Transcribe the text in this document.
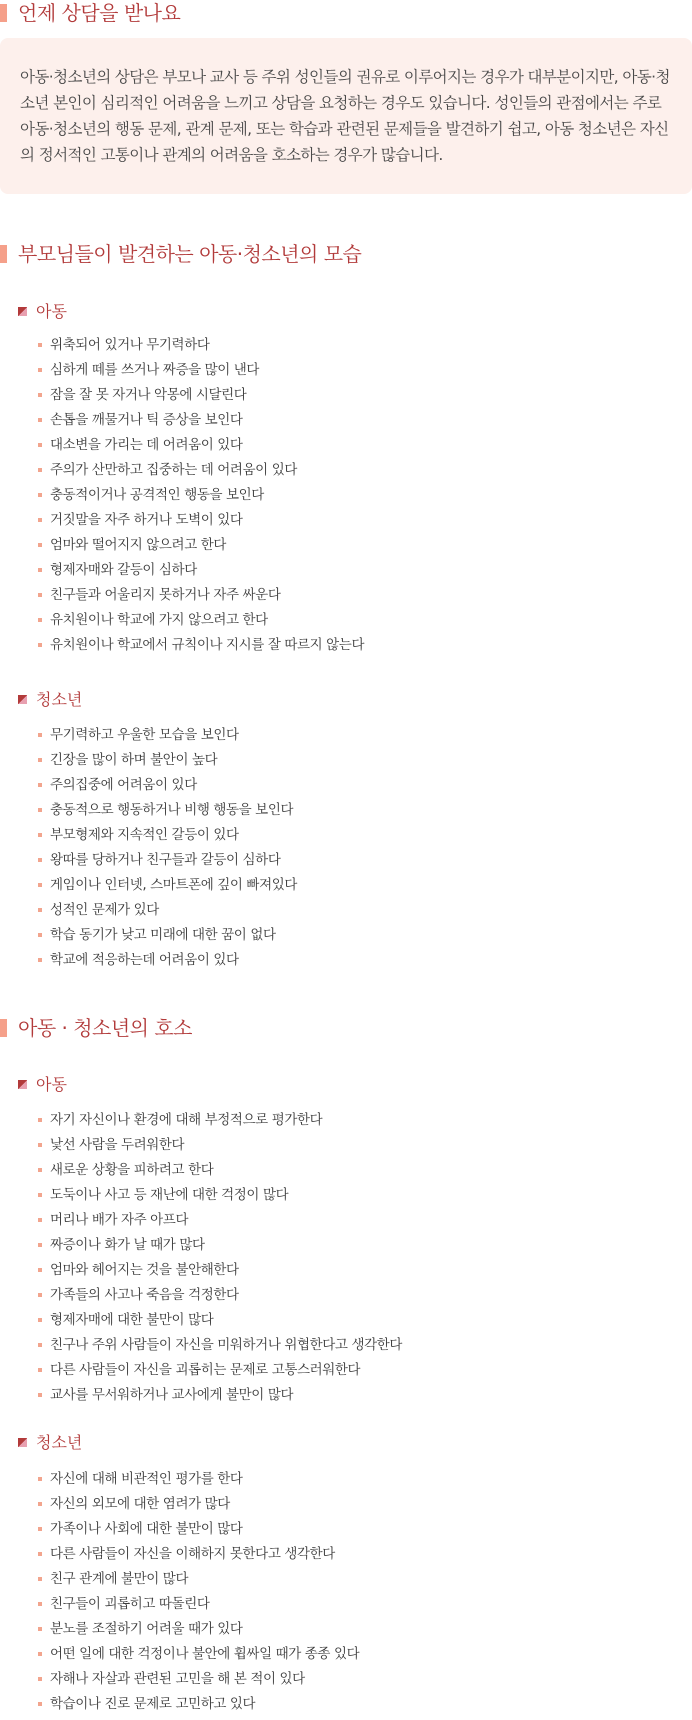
언제 상담을 받나요

아동·청소년의 상담은 부모나 교사 등 주위 성인들의 권유로 이루어지는 경우가 대부분이지만, 아동·청소년 본인이 심리적인 어려움을 느끼고 상담을 요청하는 경우도 있습니다. 성인들의 관점에서는 주로 아동·청소년의 행동 문제, 관계 문제, 또는 학습과 관련된 문제들을 발견하기 쉽고, 아동 청소년은 자신의 정서적인 고통이나 관계의 어려움을 호소하는 경우가 많습니다.

부모님들이 발견하는 아동·청소년의 모습
아동
위축되어 있거나 무기력하다
심하게 떼를 쓰거나 짜증을 많이 낸다
잠을 잘 못 자거나 악몽에 시달린다
손톱을 깨물거나 틱 증상을 보인다
대소변을 가리는 데 어려움이 있다
주의가 산만하고 집중하는 데 어려움이 있다
충동적이거나 공격적인 행동을 보인다
거짓말을 자주 하거나 도벽이 있다
엄마와 떨어지지 않으려고 한다
형제자매와 갈등이 심하다
친구들과 어울리지 못하거나 자주 싸운다
유치원이나 학교에 가지 않으려고 한다
유치원이나 학교에서 규칙이나 지시를 잘 따르지 않는다
청소년
무기력하고 우울한 모습을 보인다
긴장을 많이 하며 불안이 높다
주의집중에 어려움이 있다
충동적으로 행동하거나 비행 행동을 보인다
부모형제와 지속적인 갈등이 있다
왕따를 당하거나 친구들과 갈등이 심하다
게임이나 인터넷, 스마트폰에 깊이 빠져있다
성적인 문제가 있다
학습 동기가 낮고 미래에 대한 꿈이 없다
학교에 적응하는데 어려움이 있다
아동 · 청소년의 호소
아동
자기 자신이나 환경에 대해 부정적으로 평가한다
낯선 사람을 두려워한다
새로운 상황을 피하려고 한다
도둑이나 사고 등 재난에 대한 걱정이 많다
머리나 배가 자주 아프다
짜증이나 화가 날 때가 많다
엄마와 헤어지는 것을 불안해한다
가족들의 사고나 죽음을 걱정한다
형제자매에 대한 불만이 많다
친구나 주위 사람들이 자신을 미워하거나 위협한다고 생각한다
다른 사람들이 자신을 괴롭히는 문제로 고통스러워한다
교사를 무서워하거나 교사에게 불만이 많다
청소년
자신에 대해 비관적인 평가를 한다
자신의 외모에 대한 염려가 많다
가족이나 사회에 대한 불만이 많다
다른 사람들이 자신을 이해하지 못한다고 생각한다
친구 관계에 불만이 많다
친구들이 괴롭히고 따돌린다
분노를 조절하기 어려울 때가 있다
어떤 일에 대한 걱정이나 불안에 휩싸일 때가 종종 있다
자해나 자살과 관련된 고민을 해 본 적이 있다
학습이나 진로 문제로 고민하고 있다
